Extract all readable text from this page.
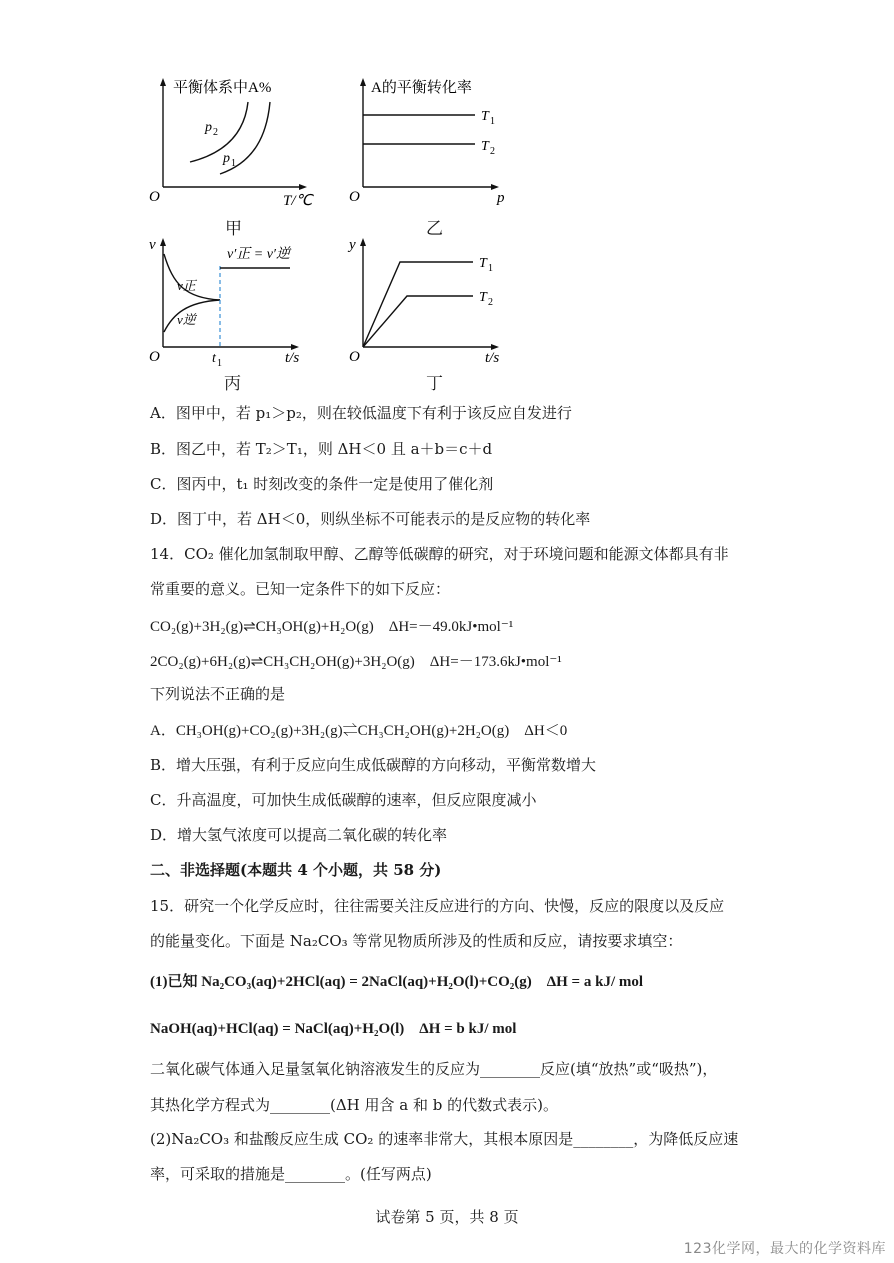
平衡体系中A%
p 2
p 1
O	T/℃
甲
A的平衡转化率
T 1
T 2
O	p
乙
v′正 = v′逆
v正
v逆
v
O	t 1	t/s
丙
T 1
T 2
y
O	t/s
丁
A．图甲中，若 p₁＞p₂，则在较低温度下有利于该反应自发进行
B．图乙中，若 T₂＞T₁，则 ΔH＜0 且 a＋b＝c＋d
C．图丙中，t₁ 时刻改变的条件一定是使用了催化剂
D．图丁中，若 ΔH＜0，则纵坐标不可能表示的是反应物的转化率
14．CO₂ 催化加氢制取甲醇、乙醇等低碳醇的研究，对于环境问题和能源文体都具有非
常重要的意义。已知一定条件下的如下反应：
CO₂(g)+3H₂(g)⇌CH₃OH(g)+H₂O(g)　ΔH=－49.0kJ•mol⁻¹
2CO₂(g)+6H₂(g)⇌CH₃CH₂OH(g)+3H₂O(g)　ΔH=－173.6kJ•mol⁻¹
下列说法不正确的是
A．CH₃OH(g)+CO₂(g)+3H₂(g)⇌CH₃CH₂OH(g)+2H₂O(g)　ΔH＜0
B．增大压强，有利于反应向生成低碳醇的方向移动，平衡常数增大
C．升高温度，可加快生成低碳醇的速率，但反应限度减小
D．增大氢气浓度可以提高二氧化碳的转化率
二、非选择题(本题共 4 个小题，共 58 分)
15．研究一个化学反应时，往往需要关注反应进行的方向、快慢，反应的限度以及反应
的能量变化。下面是 Na₂CO₃ 等常见物质所涉及的性质和反应，请按要求填空：
(1)已知 Na₂CO₃(aq)+2HCl(aq) = 2NaCl(aq)+H₂O(l)+CO₂(g)　ΔH = a kJ/ mol
NaOH(aq)+HCl(aq) = NaCl(aq)+H₂O(l)　ΔH = b kJ/ mol
二氧化碳气体通入足量氢氧化钠溶液发生的反应为________反应(填“放热”或“吸热”)，
其热化学方程式为________(ΔH 用含 a 和 b 的代数式表示)。
(2)Na₂CO₃ 和盐酸反应生成 CO₂ 的速率非常大，其根本原因是________，为降低反应速
率，可采取的措施是________。(任写两点)
试卷第 5 页，共 8 页
123化学网，最大的化学资料库
